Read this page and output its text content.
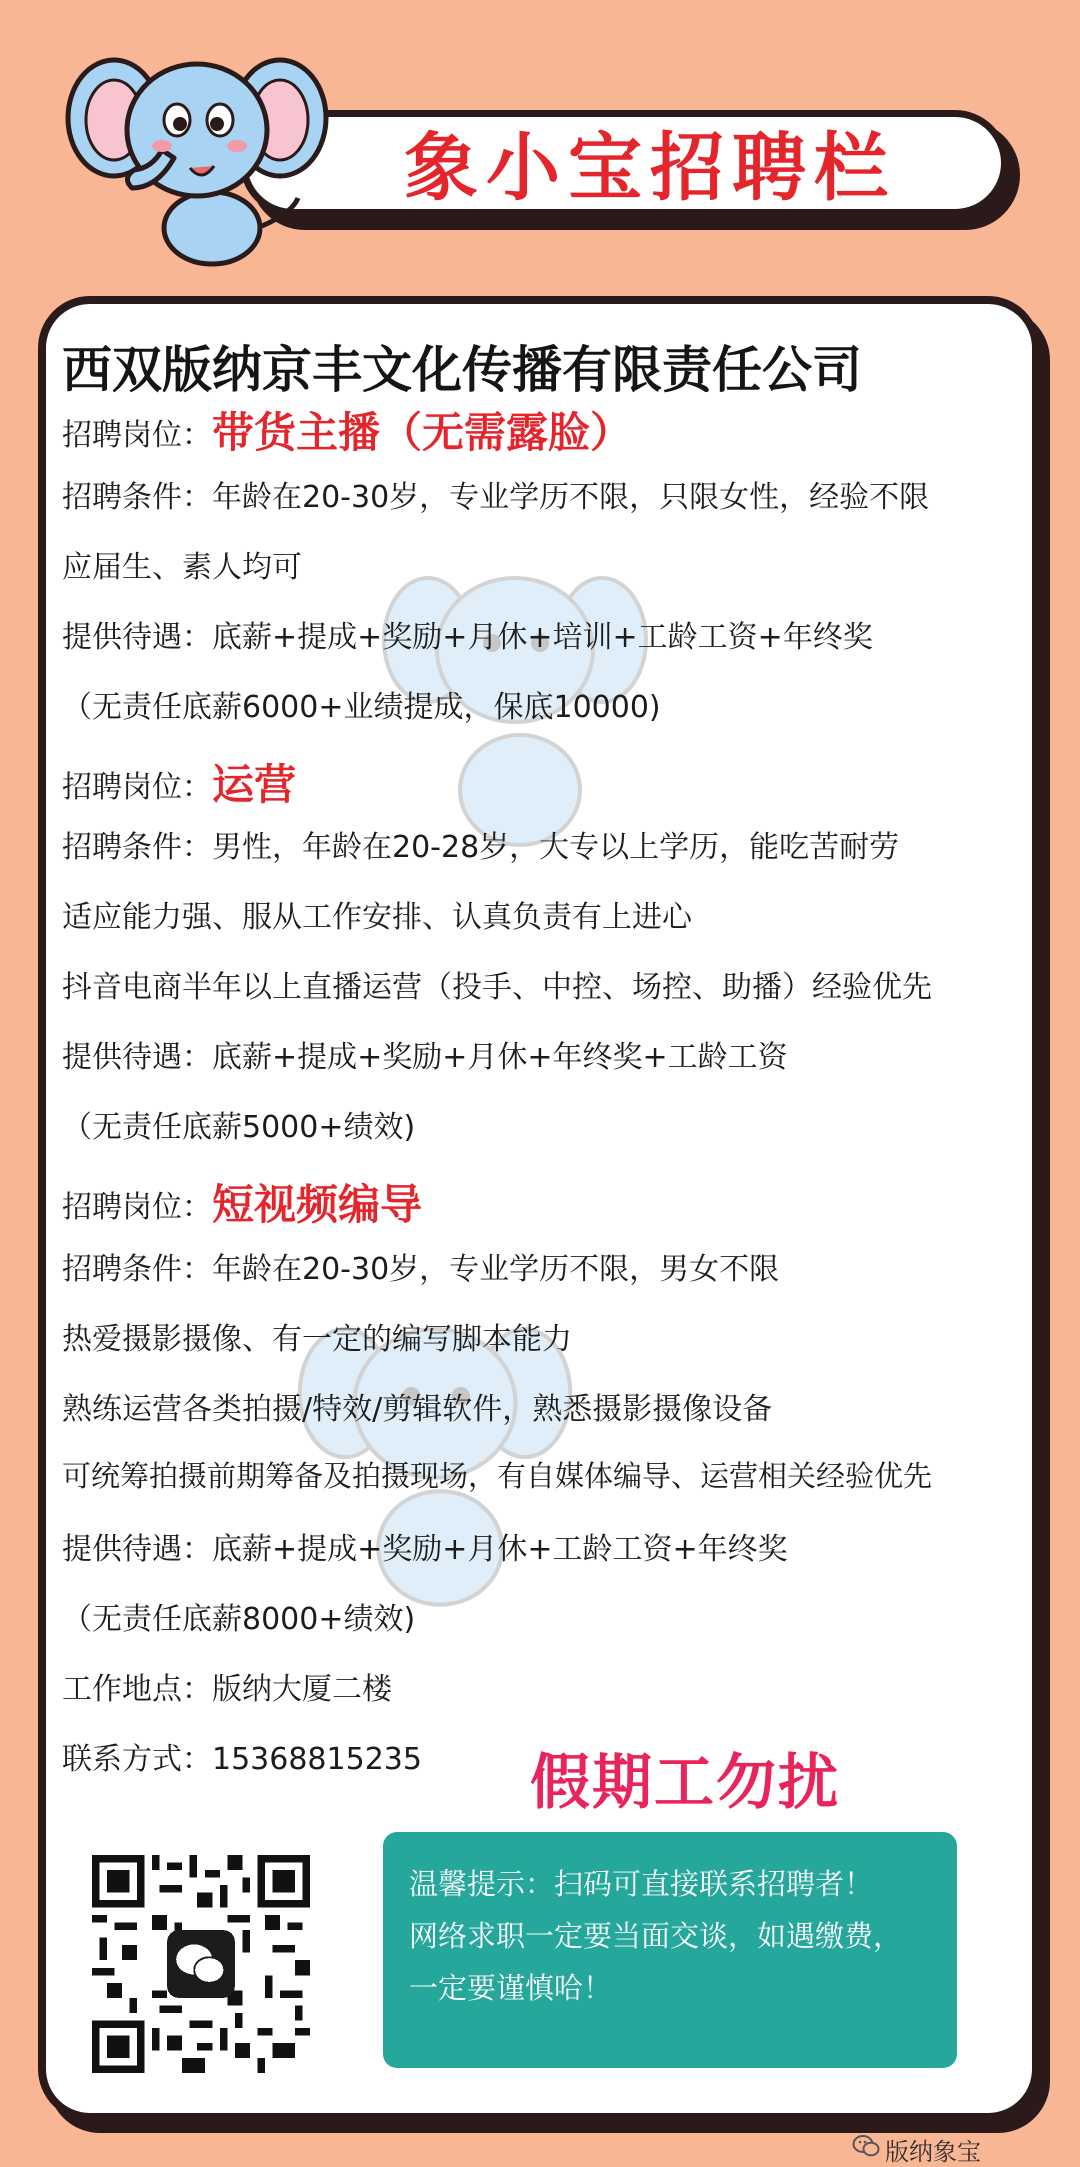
象小宝招聘栏
西双版纳京丰文化传播有限责任公司
招聘岗位：带货主播（无需露脸）
招聘条件：年龄在20-30岁，专业学历不限，只限女性，经验不限
应届生、素人均可
提供待遇：底薪+提成+奖励+月休+培训+工龄工资+年终奖
（无责任底薪6000+业绩提成，保底10000)
招聘岗位：运营
招聘条件：男性，年龄在20-28岁，大专以上学历，能吃苦耐劳
适应能力强、服从工作安排、认真负责有上进心
抖音电商半年以上直播运营（投手、中控、场控、助播）经验优先
提供待遇：底薪+提成+奖励+月休+年终奖+工龄工资
（无责任底薪5000+绩效)
招聘岗位：短视频编导
招聘条件：年龄在20-30岁，专业学历不限，男女不限
热爱摄影摄像、有一定的编写脚本能力
熟练运营各类拍摄/特效/剪辑软件，熟悉摄影摄像设备
可统筹拍摄前期筹备及拍摄现场，有自媒体编导、运营相关经验优先
提供待遇：底薪+提成+奖励+月休+工龄工资+年终奖
（无责任底薪8000+绩效)
工作地点：版纳大厦二楼
联系方式：15368815235 假期工勿扰
温馨提示：扫码可直接联系招聘者！
网络求职一定要当面交谈，如遇缴费，
一定要谨慎哈！
版纳象宝
